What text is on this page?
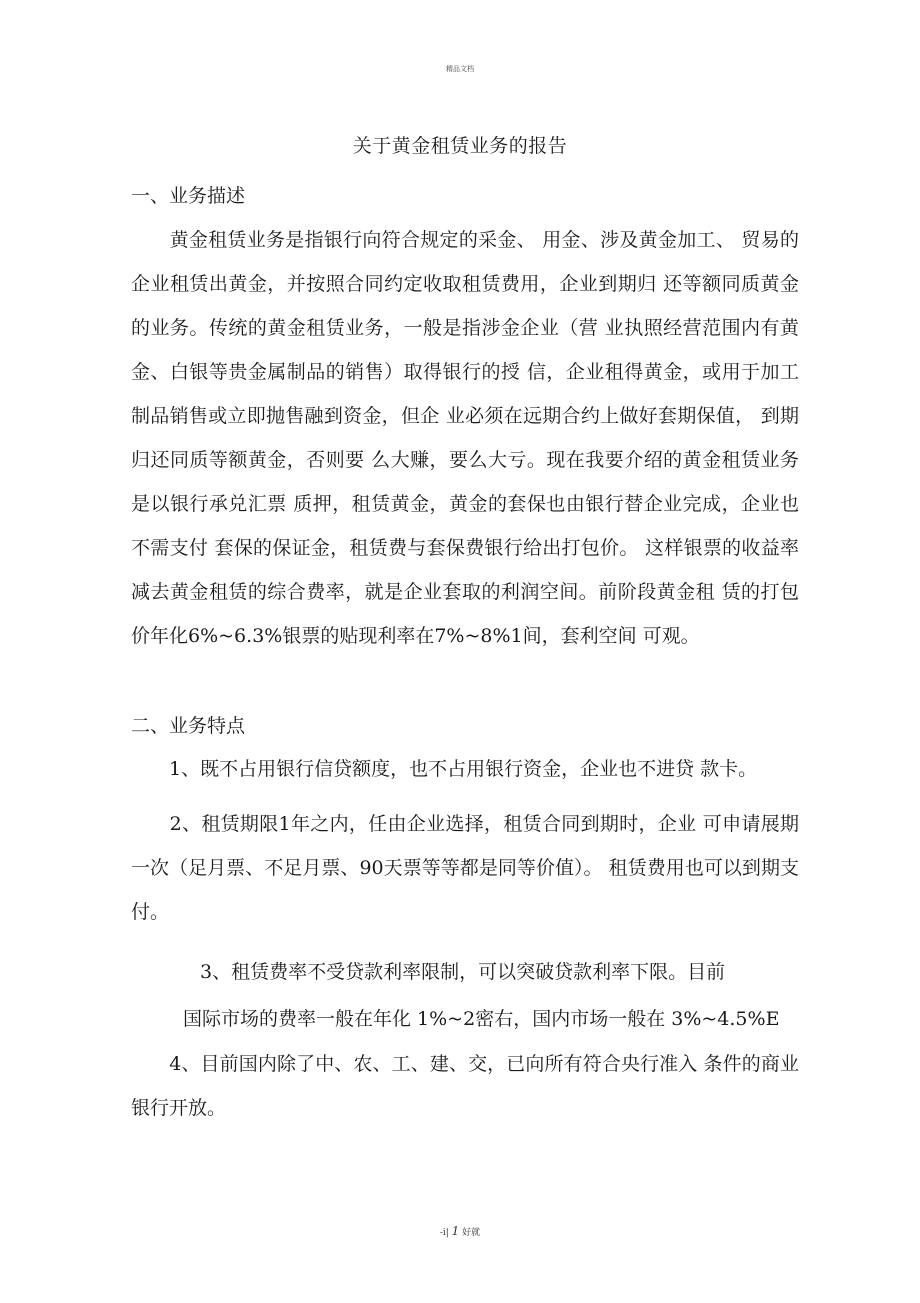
精品文档
关于黄金租赁业务的报告
一、业务描述

　　黄金租赁业务是指银行向符合规定的采金、 用金、涉及黄金加工、 贸易的企业租赁出黄金，并按照合同约定收取租赁费用，企业到期归 还等额同质黄金的业务。传统的黄金租赁业务，一般是指涉金企业（营 业执照经营范围内有黄金、白银等贵金属制品的销售）取得银行的授 信，企业租得黄金，或用于加工制品销售或立即抛售融到资金，但企 业必须在远期合约上做好套期保值， 到期归还同质等额黄金，否则要 么大赚，要么大亏。现在我要介绍的黄金租赁业务是以银行承兑汇票 质押，租赁黄金，黄金的套保也由银行替企业完成，企业也不需支付 套保的保证金，租赁费与套保费银行给出打包价。 这样银票的收益率 减去黄金租赁的综合费率，就是企业套取的利润空间。前阶段黄金租 赁的打包价年化6%~6.3%银票的贴现利率在7%~8%1间，套利空间 可观。

二、业务特点

　　1、既不占用银行信贷额度，也不占用银行资金，企业也不进贷 款卡。

　　2、租赁期限1年之内，任由企业选择，租赁合同到期时，企业 可申请展期一次（足月票、不足月票、90天票等等都是同等价值）。 租赁费用也可以到期支付。

3、租赁费率不受贷款利率限制，可以突破贷款利率下限。目前
国际市场的费率一般在年化 1%~2密右，国内市场一般在 3%~4.5%E

　　4、目前国内除了中、农、工、建、交，已向所有符合央行准入 条件的商业银行开放。

-i| 1 好就
